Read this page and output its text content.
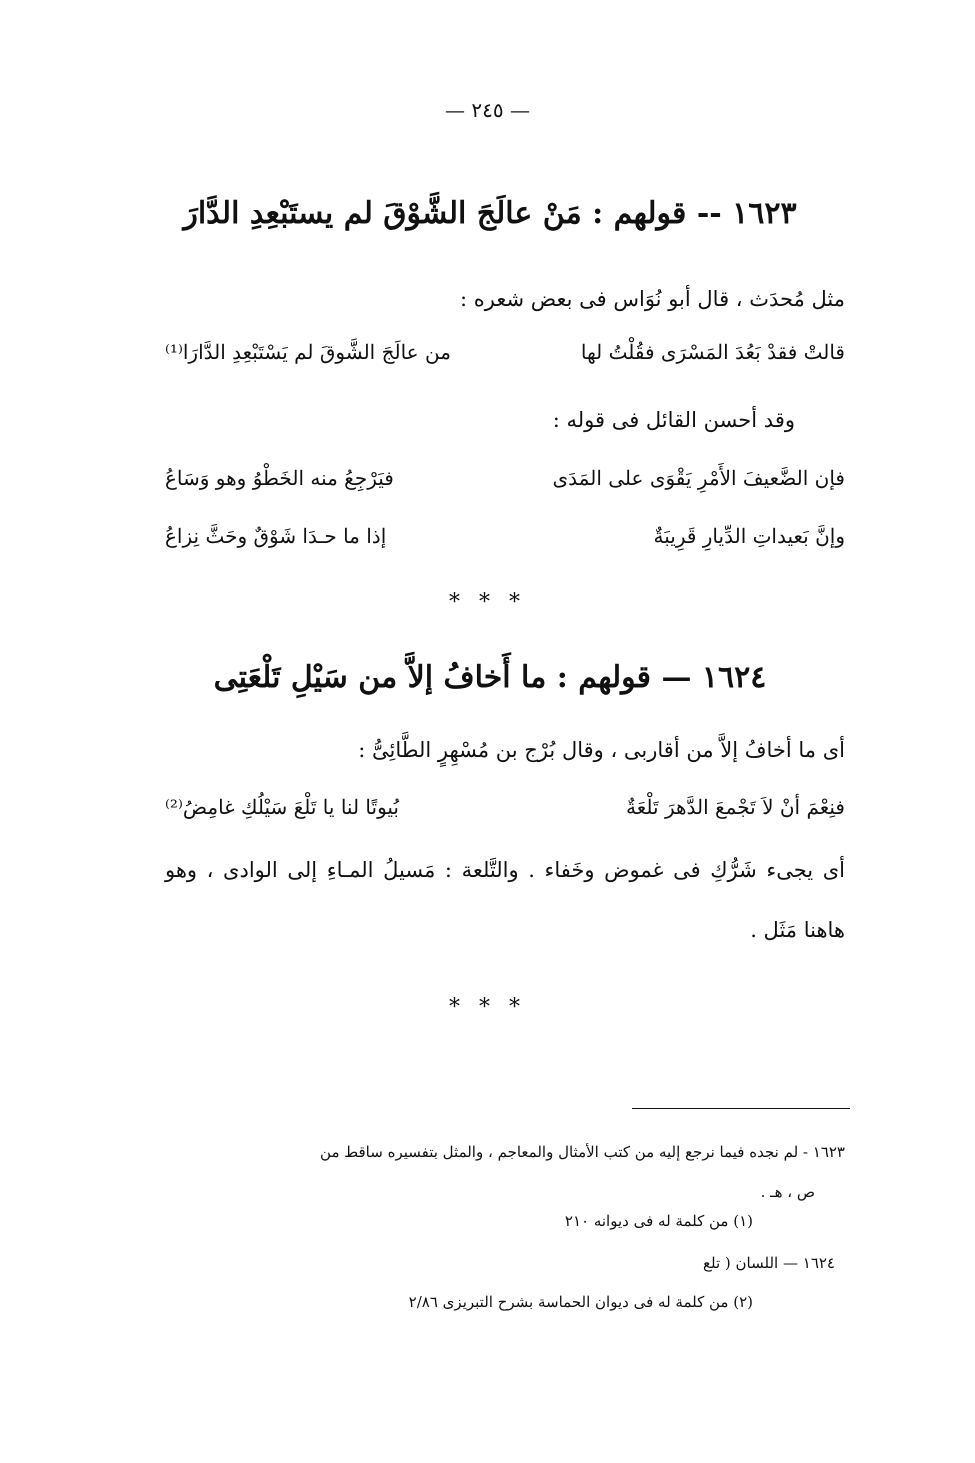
— ٢٤٥ —
١٦٢٣ -- قولهم : مَنْ عالَجَ الشَّوْقَ لم يستَبْعِدِ الدَّارَ
مثل مُحدَث ، قال أبو نُوَاس فى بعض شعره :
قالتْ فقدْ بَعُدَ المَسْرَى فقُلْتُ لها
من عالَجَ الشَّوقَ لم يَسْتَبْعِدِ الدَّارَا⁽¹⁾
وقد أحسن القائل فى قوله :
فإن الضَّعيفَ الأَمْرِ يَقْوَى على المَدَى
فيَرْجِعُ منه الخَطْوُ وهو وَسَاعُ
وإنَّ بَعيداتِ الدِّيارِ قَرِيبَةٌ
إذا ما حـدَا شَوْقٌ وحَثَّ نِزاعُ
* * *
١٦٢٤ — قولهم : ما أَخافُ إلاَّ من سَيْلِ تَلْعَتِى
أى ما أخافُ إلاَّ من أقاربى ، وقال بُرْج بن مُسْهِرٍ الطَّائِىُّ :
فنِعْمَ أنْ لاَ تَجْمعَ الدَّهرَ تَلْعَةٌ
بُيوتًا لنا يا تَلْعَ سَيْلُكِ غامِضُ⁽²⁾
أى يجىء شَرُّكِ فى غموض وخَفاء . والتَّلعة : مَسيلُ المـاءِ إلى الوادى ، وهو
هاهنا مَثَل .
* * *
١٦٢٣ - لم نجده فيما نرجع إليه من كتب الأمثال والمعاجم ، والمثل بتفسيره ساقط من
ص ، هـ .
(١) من كلمة له فى ديوانه ٢١٠
١٦٢٤ — اللسان ( تلع
(٢) من كلمة له فى ديوان الحماسة بشرح التبريزى ٢/٨٦
